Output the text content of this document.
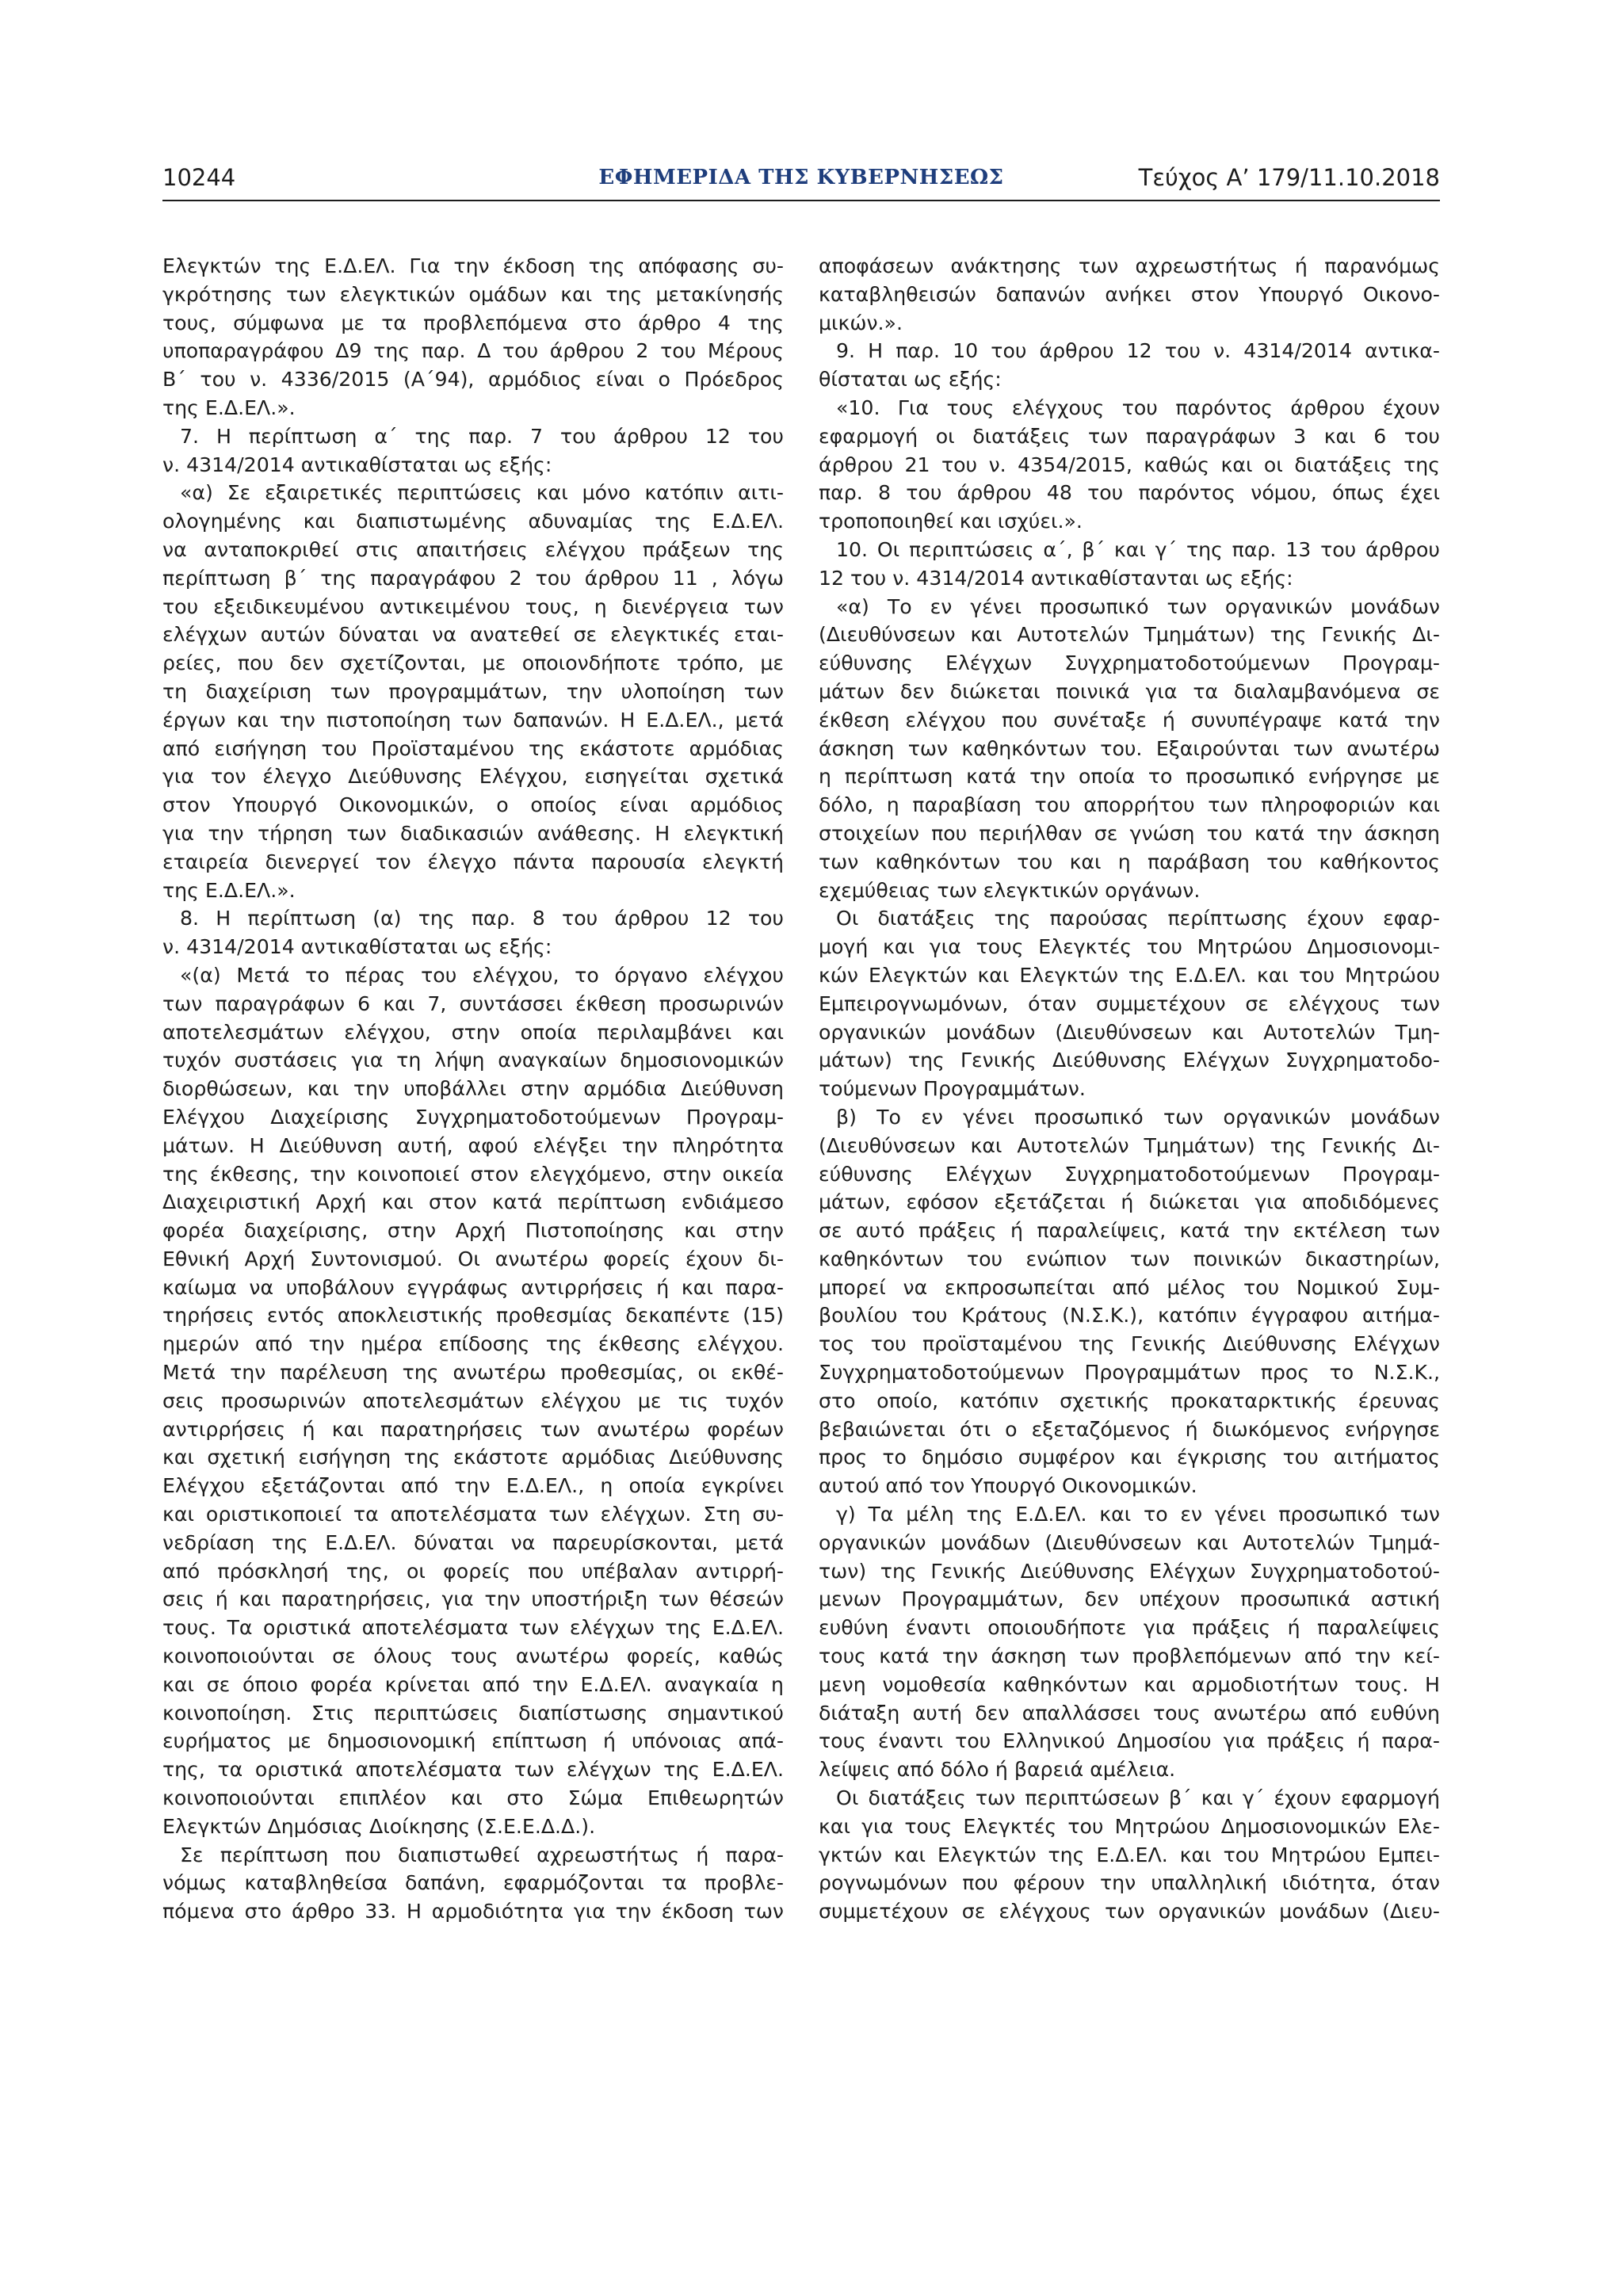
10244	ΕΦΗΜΕΡΙΔΑ ΤΗΣ ΚΥΒΕΡΝΗΣΕΩΣ	Τεύχος A’ 179/11.10.2018
Ελεγκτών της Ε.Δ.ΕΛ. Για την έκδοση της απόφασης συ-
γκρότησης των ελεγκτικών ομάδων και της μετακίνησής
τους, σύμφωνα με τα προβλεπόμενα στο άρθρο 4 της
υποπαραγράφου Δ9 της παρ. Δ του άρθρου 2 του Μέρους
Β΄ του ν. 4336/2015 (Α΄94), αρμόδιος είναι ο Πρόεδρος
της Ε.Δ.ΕΛ.».
7. Η περίπτωση α΄ της παρ. 7 του άρθρου 12 του
ν. 4314/2014 αντικαθίσταται ως εξής:
«α) Σε εξαιρετικές περιπτώσεις και μόνο κατόπιν αιτι-
ολογημένης και διαπιστωμένης αδυναμίας της Ε.Δ.ΕΛ.
να ανταποκριθεί στις απαιτήσεις ελέγχου πράξεων της
περίπτωση β΄ της παραγράφου 2 του άρθρου 11 , λόγω
του εξειδικευμένου αντικειμένου τους, η διενέργεια των
ελέγχων αυτών δύναται να ανατεθεί σε ελεγκτικές εται-
ρείες, που δεν σχετίζονται, με οποιονδήποτε τρόπο, με
τη διαχείριση των προγραμμάτων, την υλοποίηση των
έργων και την πιστοποίηση των δαπανών. Η Ε.Δ.ΕΛ., μετά
από εισήγηση του Προϊσταμένου της εκάστοτε αρμόδιας
για τον έλεγχο Διεύθυνσης Ελέγχου, εισηγείται σχετικά
στον Υπουργό Οικονομικών, ο οποίος είναι αρμόδιος
για την τήρηση των διαδικασιών ανάθεσης. Η ελεγκτική
εταιρεία διενεργεί τον έλεγχο πάντα παρουσία ελεγκτή
της Ε.Δ.ΕΛ.».
8. Η περίπτωση (α) της παρ. 8 του άρθρου 12 του
ν. 4314/2014 αντικαθίσταται ως εξής:
«(α) Μετά το πέρας του ελέγχου, το όργανο ελέγχου
των παραγράφων 6 και 7, συντάσσει έκθεση προσωρινών
αποτελεσμάτων ελέγχου, στην οποία περιλαμβάνει και
τυχόν συστάσεις για τη λήψη αναγκαίων δημοσιονομικών
διορθώσεων, και την υποβάλλει στην αρμόδια Διεύθυνση
Ελέγχου Διαχείρισης Συγχρηματοδοτούμενων Προγραμ-
μάτων. Η Διεύθυνση αυτή, αφού ελέγξει την πληρότητα
της έκθεσης, την κοινοποιεί στον ελεγχόμενο, στην οικεία
Διαχειριστική Αρχή και στον κατά περίπτωση ενδιάμεσο
φορέα διαχείρισης, στην Αρχή Πιστοποίησης και στην
Εθνική Αρχή Συντονισμού. Οι ανωτέρω φορείς έχουν δι-
καίωμα να υποβάλουν εγγράφως αντιρρήσεις ή και παρα-
τηρήσεις εντός αποκλειστικής προθεσμίας δεκαπέντε (15)
ημερών από την ημέρα επίδοσης της έκθεσης ελέγχου.
Μετά την παρέλευση της ανωτέρω προθεσμίας, οι εκθέ-
σεις προσωρινών αποτελεσμάτων ελέγχου με τις τυχόν
αντιρρήσεις ή και παρατηρήσεις των ανωτέρω φορέων
και σχετική εισήγηση της εκάστοτε αρμόδιας Διεύθυνσης
Ελέγχου εξετάζονται από την Ε.Δ.ΕΛ., η οποία εγκρίνει
και οριστικοποιεί τα αποτελέσματα των ελέγχων. Στη συ-
νεδρίαση της Ε.Δ.ΕΛ. δύναται να παρευρίσκονται, μετά
από πρόσκλησή της, οι φορείς που υπέβαλαν αντιρρή-
σεις ή και παρατηρήσεις, για την υποστήριξη των θέσεών
τους. Τα οριστικά αποτελέσματα των ελέγχων της Ε.Δ.ΕΛ.
κοινοποιούνται σε όλους τους ανωτέρω φορείς, καθώς
και σε όποιο φορέα κρίνεται από την Ε.Δ.ΕΛ. αναγκαία η
κοινοποίηση. Στις περιπτώσεις διαπίστωσης σημαντικού
ευρήματος με δημοσιονομική επίπτωση ή υπόνοιας απά-
της, τα οριστικά αποτελέσματα των ελέγχων της Ε.Δ.ΕΛ.
κοινοποιούνται επιπλέον και στο Σώμα Επιθεωρητών
Ελεγκτών Δημόσιας Διοίκησης (Σ.Ε.Ε.Δ.Δ.).
Σε περίπτωση που διαπιστωθεί αχρεωστήτως ή παρα-
νόμως καταβληθείσα δαπάνη, εφαρμόζονται τα προβλε-
πόμενα στο άρθρο 33. Η αρμοδιότητα για την έκδοση των
αποφάσεων ανάκτησης των αχρεωστήτως ή παρανόμως
καταβληθεισών δαπανών ανήκει στον Υπουργό Οικονο-
μικών.».
9. Η παρ. 10 του άρθρου 12 του ν. 4314/2014 αντικα-
θίσταται ως εξής:
«10. Για τους ελέγχους του παρόντος άρθρου έχουν
εφαρμογή οι διατάξεις των παραγράφων 3 και 6 του
άρθρου 21 του ν. 4354/2015, καθώς και οι διατάξεις της
παρ. 8 του άρθρου 48 του παρόντος νόμου, όπως έχει
τροποποιηθεί και ισχύει.».
10. Οι περιπτώσεις α΄, β΄ και γ΄ της παρ. 13 του άρθρου
12 του ν. 4314/2014 αντικαθίστανται ως εξής:
«α) Το εν γένει προσωπικό των οργανικών μονάδων
(Διευθύνσεων και Αυτοτελών Τμημάτων) της Γενικής Δι-
εύθυνσης Ελέγχων Συγχρηματοδοτούμενων Προγραμ-
μάτων δεν διώκεται ποινικά για τα διαλαμβανόμενα σε
έκθεση ελέγχου που συνέταξε ή συνυπέγραψε κατά την
άσκηση των καθηκόντων του. Εξαιρούνται των ανωτέρω
η περίπτωση κατά την οποία το προσωπικό ενήργησε με
δόλο, η παραβίαση του απορρήτου των πληροφοριών και
στοιχείων που περιήλθαν σε γνώση του κατά την άσκηση
των καθηκόντων του και η παράβαση του καθήκοντος
εχεμύθειας των ελεγκτικών οργάνων.
Οι διατάξεις της παρούσας περίπτωσης έχουν εφαρ-
μογή και για τους Ελεγκτές του Μητρώου Δημοσιονομι-
κών Ελεγκτών και Ελεγκτών της Ε.Δ.ΕΛ. και του Μητρώου
Εμπειρογνωμόνων, όταν συμμετέχουν σε ελέγχους των
οργανικών μονάδων (Διευθύνσεων και Αυτοτελών Τμη-
μάτων) της Γενικής Διεύθυνσης Ελέγχων Συγχρηματοδο-
τούμενων Προγραμμάτων.
β) Το εν γένει προσωπικό των οργανικών μονάδων
(Διευθύνσεων και Αυτοτελών Τμημάτων) της Γενικής Δι-
εύθυνσης Ελέγχων Συγχρηματοδοτούμενων Προγραμ-
μάτων, εφόσον εξετάζεται ή διώκεται για αποδιδόμενες
σε αυτό πράξεις ή παραλείψεις, κατά την εκτέλεση των
καθηκόντων του ενώπιον των ποινικών δικαστηρίων,
μπορεί να εκπροσωπείται από μέλος του Νομικού Συμ-
βουλίου του Κράτους (Ν.Σ.Κ.), κατόπιν έγγραφου αιτήμα-
τος του προϊσταμένου της Γενικής Διεύθυνσης Ελέγχων
Συγχρηματοδοτούμενων Προγραμμάτων προς το Ν.Σ.Κ.,
στο οποίο, κατόπιν σχετικής προκαταρκτικής έρευνας
βεβαιώνεται ότι ο εξεταζόμενος ή διωκόμενος ενήργησε
προς το δημόσιο συμφέρον και έγκρισης του αιτήματος
αυτού από τον Υπουργό Οικονομικών.
γ) Τα μέλη της Ε.Δ.ΕΛ. και το εν γένει προσωπικό των
οργανικών μονάδων (Διευθύνσεων και Αυτοτελών Τμημά-
των) της Γενικής Διεύθυνσης Ελέγχων Συγχρηματοδοτού-
μενων Προγραμμάτων, δεν υπέχουν προσωπικά αστική
ευθύνη έναντι οποιουδήποτε για πράξεις ή παραλείψεις
τους κατά την άσκηση των προβλεπόμενων από την κεί-
μενη νομοθεσία καθηκόντων και αρμοδιοτήτων τους. Η
διάταξη αυτή δεν απαλλάσσει τους ανωτέρω από ευθύνη
τους έναντι του Ελληνικού Δημοσίου για πράξεις ή παρα-
λείψεις από δόλο ή βαρειά αμέλεια.
Οι διατάξεις των περιπτώσεων β΄ και γ΄ έχουν εφαρμογή
και για τους Ελεγκτές του Μητρώου Δημοσιονομικών Ελε-
γκτών και Ελεγκτών της Ε.Δ.ΕΛ. και του Μητρώου Εμπει-
ρογνωμόνων που φέρουν την υπαλληλική ιδιότητα, όταν
συμμετέχουν σε ελέγχους των οργανικών μονάδων (Διευ-
